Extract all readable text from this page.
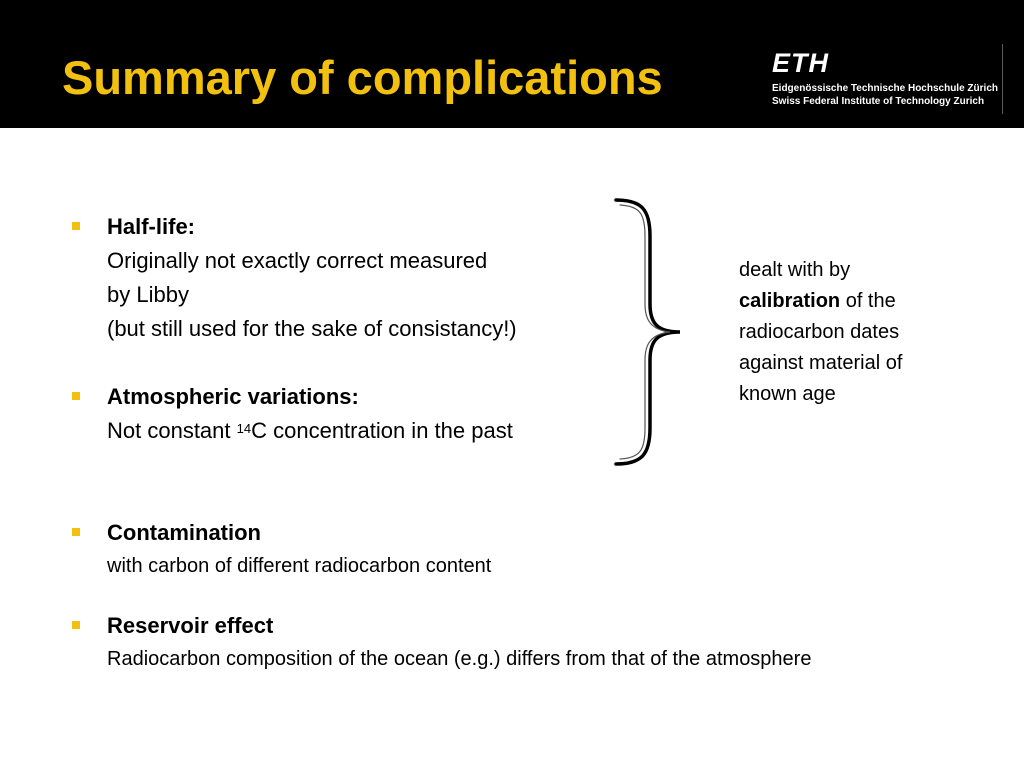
Summary of complications	ETH
Eidgenössische Technische Hochschule Zürich
Swiss Federal Institute of Technology Zurich
Half-life:
Originally not exactly correct measured
by Libby
(but still used for the sake of consistancy!)
Atmospheric variations:
Not constant $^{14}$C concentration in the past
Contamination
with carbon of different radiocarbon content
Reservoir effect
Radiocarbon composition of the ocean (e.g.) differs from that of the atmosphere
dealt with by
calibration of the
radiocarbon dates
against material of
known age
